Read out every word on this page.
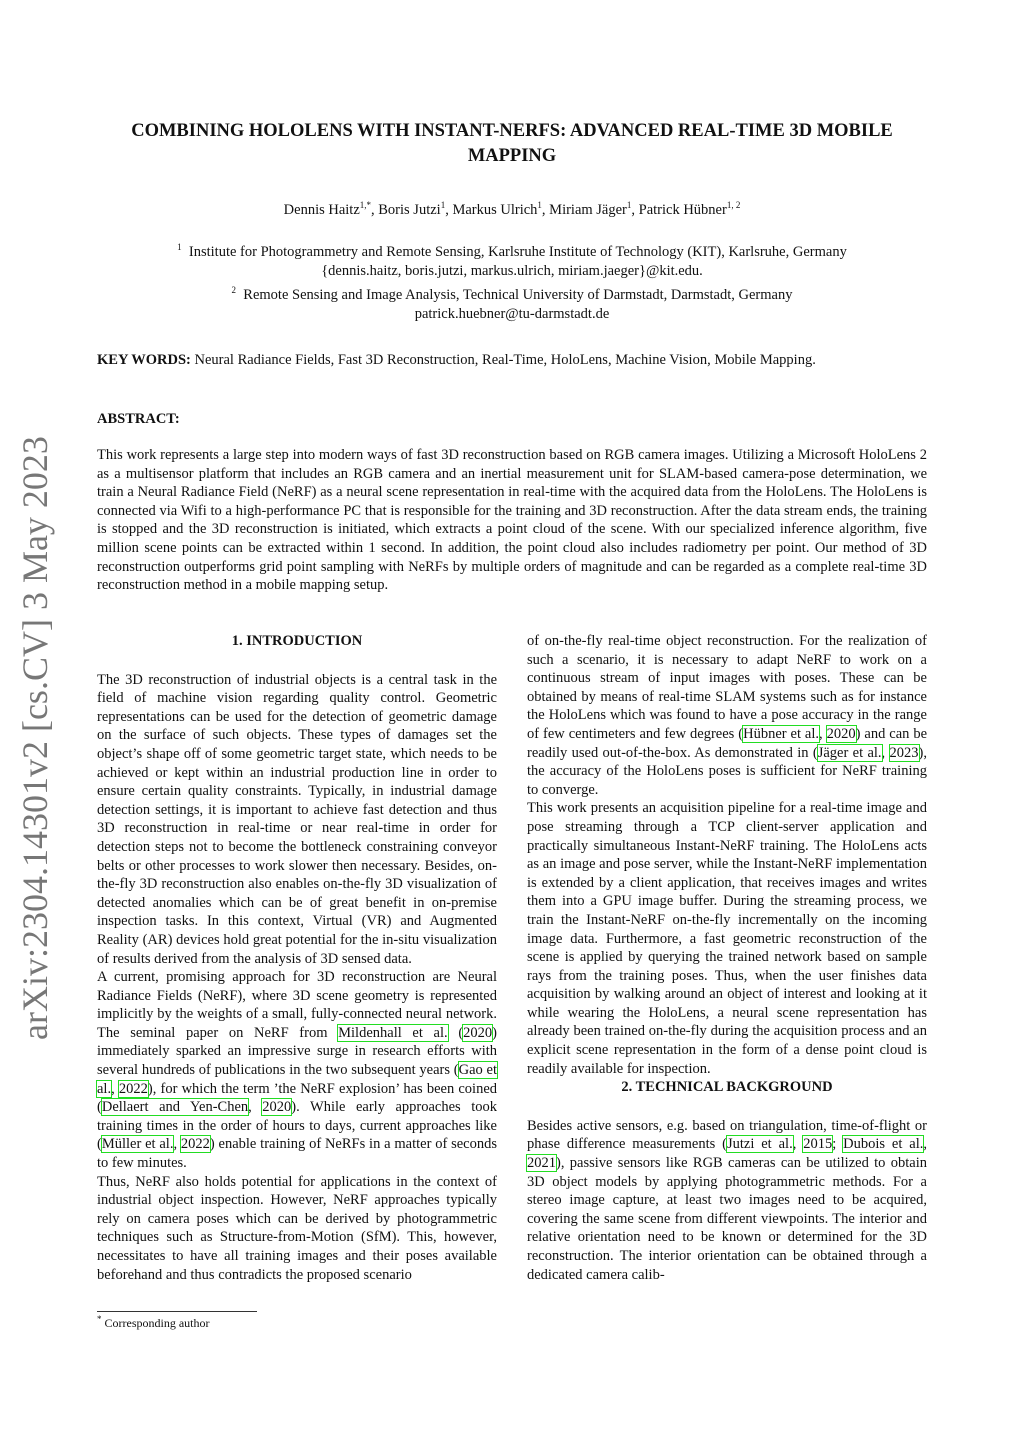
arXiv:2304.14301v2 [cs.CV] 3 May 2023
COMBINING HOLOLENS WITH INSTANT-NERFS: ADVANCED REAL-TIME 3D MOBILE MAPPING
Dennis Haitz$^{1,*}$, Boris Jutzi$^1$, Markus Ulrich$^1$, Miriam Jäger$^1$, Patrick Hübner$^{1, 2}$
$^1$ Institute for Photogrammetry and Remote Sensing, Karlsruhe Institute of Technology (KIT), Karlsruhe, Germany
{dennis.haitz, boris.jutzi, markus.ulrich, miriam.jaeger}@kit.edu.
$^2$ Remote Sensing and Image Analysis, Technical University of Darmstadt, Darmstadt, Germany
patrick.huebner@tu-darmstadt.de
KEY WORDS: Neural Radiance Fields, Fast 3D Reconstruction, Real-Time, HoloLens, Machine Vision, Mobile Mapping.
ABSTRACT:
This work represents a large step into modern ways of fast 3D reconstruction based on RGB camera images. Utilizing a Microsoft HoloLens 2 as a multisensor platform that includes an RGB camera and an inertial measurement unit for SLAM-based camera-pose determination, we train a Neural Radiance Field (NeRF) as a neural scene representation in real-time with the acquired data from the HoloLens. The HoloLens is connected via Wifi to a high-performance PC that is responsible for the training and 3D reconstruction. After the data stream ends, the training is stopped and the 3D reconstruction is initiated, which extracts a point cloud of the scene. With our specialized inference algorithm, five million scene points can be extracted within 1 second. In addition, the point cloud also includes radiometry per point. Our method of 3D reconstruction outperforms grid point sampling with NeRFs by multiple orders of magnitude and can be regarded as a complete real-time 3D reconstruction method in a mobile mapping setup.

1. INTRODUCTION

The 3D reconstruction of industrial objects is a central task in the field of machine vision regarding quality control. Geometric representations can be used for the detection of geometric damage on the surface of such objects. These types of damages set the object’s shape off of some geometric target state, which needs to be achieved or kept within an industrial production line in order to ensure certain quality constraints. Typically, in industrial damage detection settings, it is important to achieve fast detection and thus 3D reconstruction in real-time or near real-time in order for detection steps not to become the bottleneck constraining conveyor belts or other processes to work slower then necessary. Besides, on-the-fly 3D reconstruction also enables on-the-fly 3D visualization of detected anomalies which can be of great benefit in on-premise inspection tasks. In this context, Virtual (VR) and Augmented Reality (AR) devices hold great potential for the in-situ visualization of results derived from the analysis of 3D sensed data.

A current, promising approach for 3D reconstruction are Neural Radiance Fields (NeRF), where 3D scene geometry is represented implicitly by the weights of a small, fully-connected neural network. The seminal paper on NeRF from Mildenhall et al. (2020) immediately sparked an impressive surge in research efforts with several hundreds of publications in the two subsequent years (Gao et al., 2022), for which the term ’the NeRF explosion’ has been coined (Dellaert and Yen-Chen, 2020). While early approaches took training times in the order of hours to days, current approaches like (Müller et al., 2022) enable training of NeRFs in a matter of seconds to few minutes.

Thus, NeRF also holds potential for applications in the context of industrial object inspection. However, NeRF approaches typically rely on camera poses which can be derived by photogrammetric techniques such as Structure-from-Motion (SfM). This, however, necessitates to have all training images and their poses available beforehand and thus contradicts the proposed scenario

of on-the-fly real-time object reconstruction. For the realization of such a scenario, it is necessary to adapt NeRF to work on a continuous stream of input images with poses. These can be obtained by means of real-time SLAM systems such as for instance the HoloLens which was found to have a pose accuracy in the range of few centimeters and few degrees (Hübner et al., 2020) and can be readily used out-of-the-box. As demonstrated in (Jäger et al., 2023), the accuracy of the HoloLens poses is sufficient for NeRF training to converge.

This work presents an acquisition pipeline for a real-time image and pose streaming through a TCP client-server application and practically simultaneous Instant-NeRF training. The HoloLens acts as an image and pose server, while the Instant-NeRF implementation is extended by a client application, that receives images and writes them into a GPU image buffer. During the streaming process, we train the Instant-NeRF on-the-fly incrementally on the incoming image data. Furthermore, a fast geometric reconstruction of the scene is applied by querying the trained network based on sample rays from the training poses. Thus, when the user finishes data acquisition by walking around an object of interest and looking at it while wearing the HoloLens, a neural scene representation has already been trained on-the-fly during the acquisition process and an explicit scene representation in the form of a dense point cloud is readily available for inspection.

2. TECHNICAL BACKGROUND

Besides active sensors, e.g. based on triangulation, time-of-flight or phase difference measurements (Jutzi et al., 2015; Dubois et al., 2021), passive sensors like RGB cameras can be utilized to obtain 3D object models by applying photogrammetric methods. For a stereo image capture, at least two images need to be acquired, covering the same scene from different viewpoints. The interior and relative orientation need to be known or determined for the 3D reconstruction. The interior orientation can be obtained through a dedicated camera calib-

* Corresponding author
